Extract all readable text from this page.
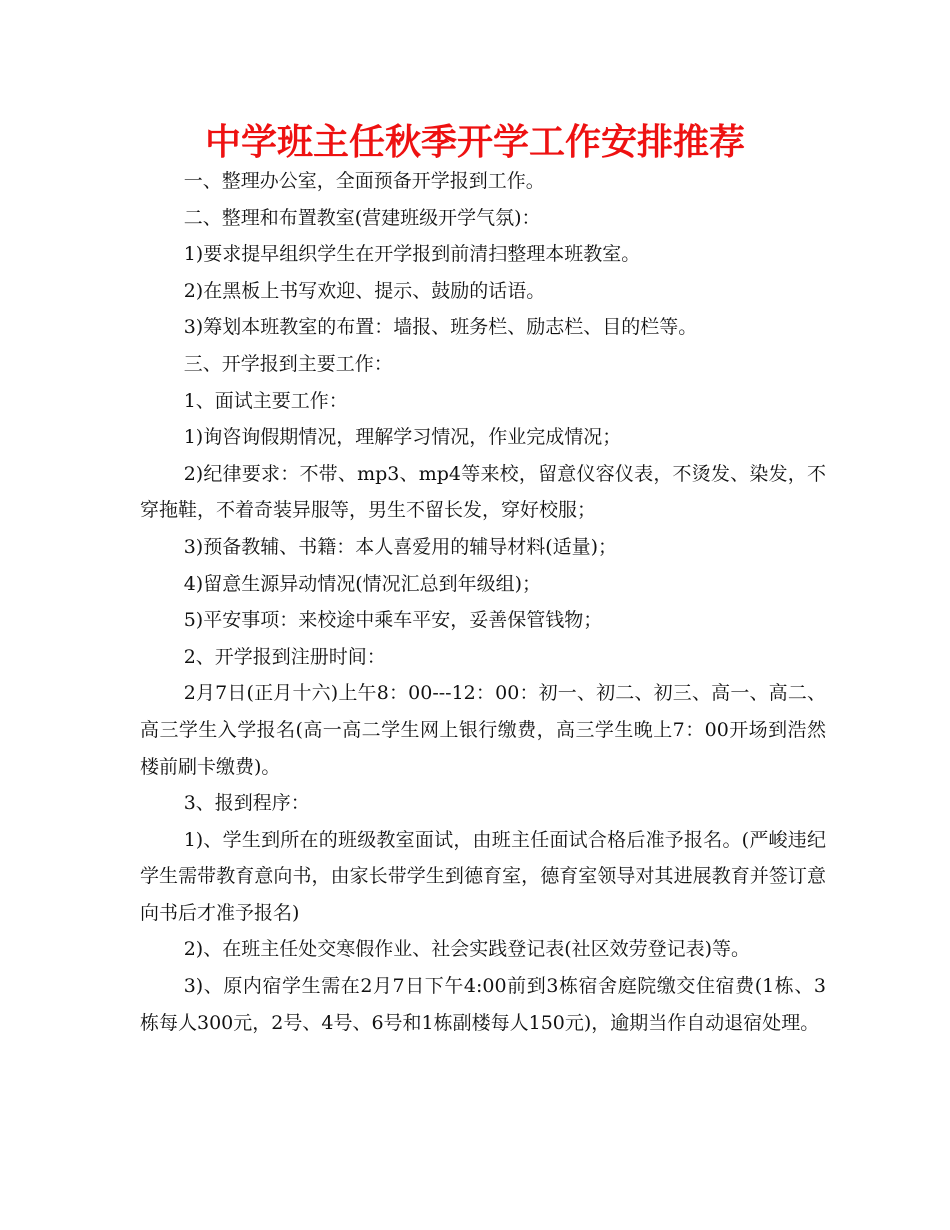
中学班主任秋季开学工作安排推荐

一、整理办公室，全面预备开学报到工作。

二、整理和布置教室(营建班级开学气氛)：

1)要求提早组织学生在开学报到前清扫整理本班教室。

2)在黑板上书写欢迎、提示、鼓励的话语。

3)筹划本班教室的布置：墙报、班务栏、励志栏、目的栏等。

三、开学报到主要工作：

1、面试主要工作：

1)询咨询假期情况，理解学习情况，作业完成情况；

2)纪律要求：不带、mp3、mp4等来校，留意仪容仪表，不烫发、染发，不穿拖鞋，不着奇装异服等，男生不留长发，穿好校服；

3)预备教辅、书籍：本人喜爱用的辅导材料(适量)；

4)留意生源异动情况(情况汇总到年级组)；

5)平安事项：来校途中乘车平安，妥善保管钱物；

2、开学报到注册时间：

2月7日(正月十六)上午8：00---12：00：初一、初二、初三、高一、高二、高三学生入学报名(高一高二学生网上银行缴费，高三学生晚上7：00开场到浩然楼前刷卡缴费)。

3、报到程序：

1)、学生到所在的班级教室面试，由班主任面试合格后准予报名。(严峻违纪学生需带教育意向书，由家长带学生到德育室，德育室领导对其进展教育并签订意向书后才准予报名)

2)、在班主任处交寒假作业、社会实践登记表(社区效劳登记表)等。

3)、原内宿学生需在2月7日下午4:00前到3栋宿舍庭院缴交住宿费(1栋、3栋每人300元，2号、4号、6号和1栋副楼每人150元)，逾期当作自动退宿处理。
